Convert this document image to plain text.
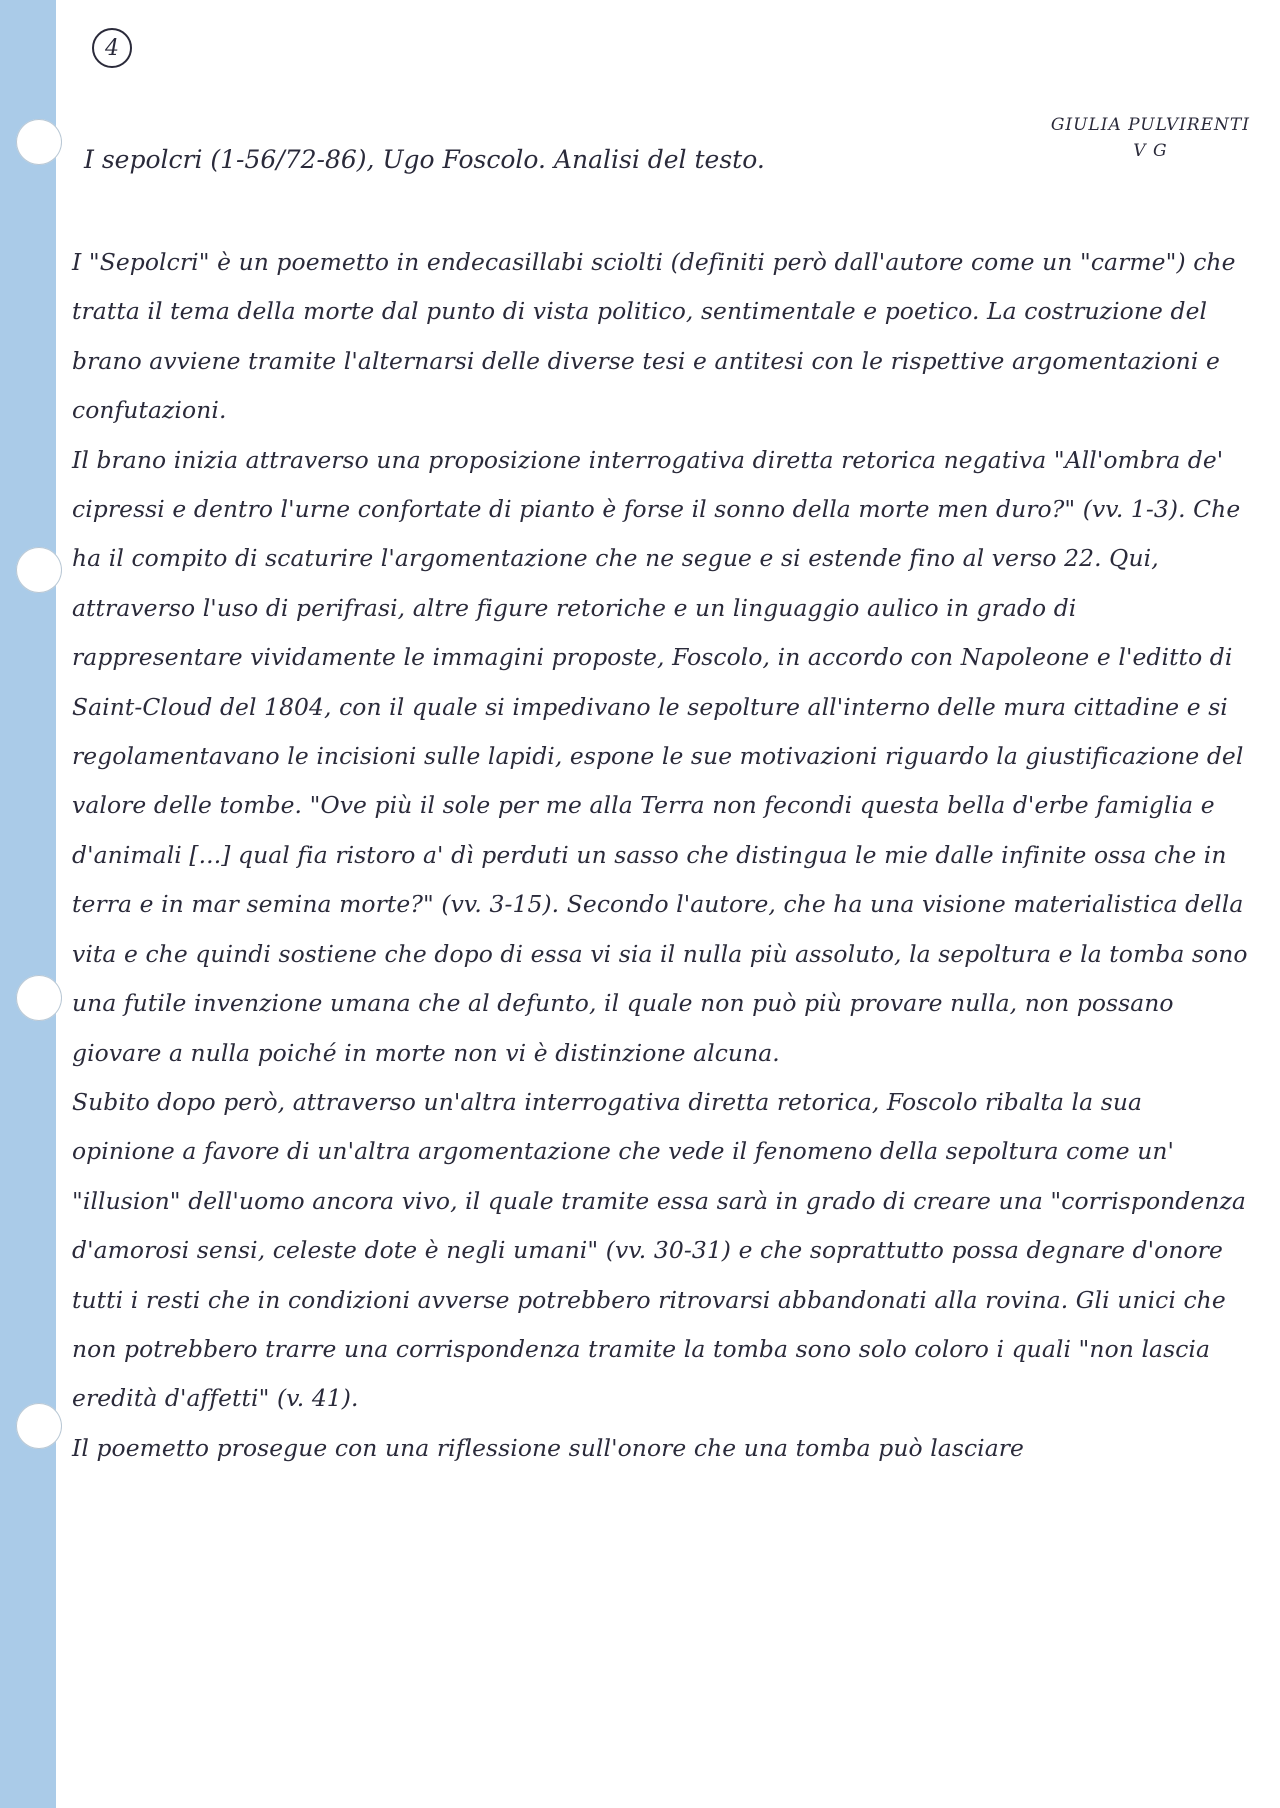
4
GIULIA PULVIRENTI
V G
I sepolcri (1-56/72-86), Ugo Foscolo. Analisi del testo.

I "Sepolcri" è un poemetto in endecasillabi sciolti (definiti però dall'autore come un "carme") che tratta il tema della morte dal punto di vista politico, sentimentale e poetico. La costruzione del brano avviene tramite l'alternarsi delle diverse tesi e antitesi con le rispettive argomentazioni e confutazioni.

Il brano inizia attraverso una proposizione interrogativa diretta retorica negativa "All'ombra de' cipressi e dentro l'urne confortate di pianto è forse il sonno della morte men duro?" (vv. 1-3). Che ha il compito di scaturire l'argomentazione che ne segue e si estende fino al verso 22. Qui, attraverso l'uso di perifrasi, altre figure retoriche e un linguaggio aulico in grado di rappresentare vividamente le immagini proposte, Foscolo, in accordo con Napoleone e l'editto di Saint-Cloud del 1804, con il quale si impedivano le sepolture all'interno delle mura cittadine e si regolamentavano le incisioni sulle lapidi, espone le sue motivazioni riguardo la giustificazione del valore delle tombe. "Ove più il sole per me alla Terra non fecondi questa bella d'erbe famiglia e d'animali [...] qual fia ristoro a' dì perduti un sasso che distingua le mie dalle infinite ossa che in terra e in mar semina morte?" (vv. 3-15). Secondo l'autore, che ha una visione materialistica della vita e che quindi sostiene che dopo di essa vi sia il nulla più assoluto, la sepoltura e la tomba sono una futile invenzione umana che al defunto, il quale non può più provare nulla, non possano giovare a nulla poiché in morte non vi è distinzione alcuna.

Subito dopo però, attraverso un'altra interrogativa diretta retorica, Foscolo ribalta la sua opinione a favore di un'altra argomentazione che vede il fenomeno della sepoltura come un' "illusion" dell'uomo ancora vivo, il quale tramite essa sarà in grado di creare una "corrispondenza d'amorosi sensi, celeste dote è negli umani" (vv. 30-31) e che soprattutto possa degnare d'onore tutti i resti che in condizioni avverse potrebbero ritrovarsi abbandonati alla rovina. Gli unici che non potrebbero trarre una corrispondenza tramite la tomba sono solo coloro i quali "non lascia eredità d'affetti" (v. 41).

Il poemetto prosegue con una riflessione sull'onore che una tomba può lasciare
